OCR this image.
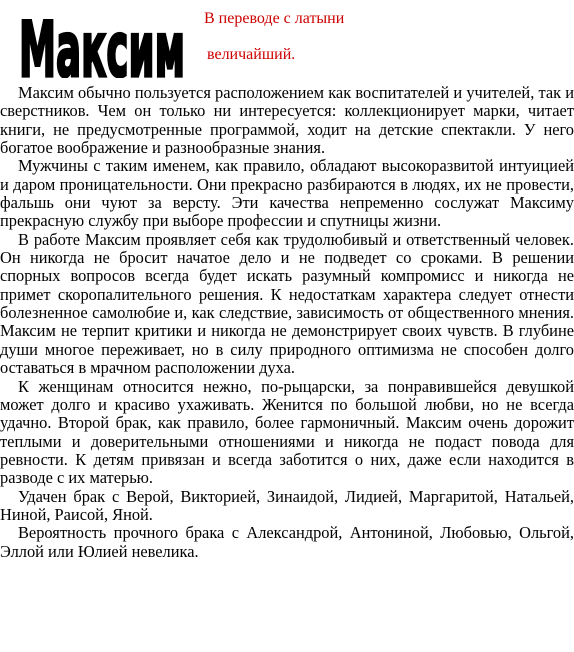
Максим В переводе с латыни
величайший.

Максим обычно пользуется расположением как воспитателей и учителей, так и сверстников. Чем он только ни интересуется: коллекционирует марки, читает книги, не предусмотренные программой, ходит на детские спектакли. У него богатое воображение и разнообразные знания.

Мужчины с таким именем, как правило, обладают высокоразвитой интуицией и даром проницательности. Они прекрасно разбираются в людях, их не провести, фальшь они чуют за версту. Эти качества непременно сослужат Максиму прекрасную службу при выборе профессии и спутницы жизни.

В работе Максим проявляет себя как трудолюбивый и ответственный человек. Он никогда не бросит начатое дело и не подведет со сроками. В решении спорных вопросов всегда будет искать разумный компромисс и никогда не примет скоропалительного решения. К недостаткам характера следует отнести болезненное самолюбие и, как следствие, зависимость от общественного мнения. Максим не терпит критики и никогда не демонстрирует своих чувств. В глубине души многое переживает, но в силу природного оптимизма не способен долго оставаться в мрачном расположении духа.

К женщинам относится нежно, по-рыцарски, за понравившейся девушкой может долго и красиво ухаживать. Женится по большой любви, но не всегда удачно. Второй брак, как правило, более гармоничный. Максим очень дорожит теплыми и доверительными отношениями и никогда не подаст повода для ревности. К детям привязан и всегда заботится о них, даже если находится в разводе с их матерью.

Удачен брак с Верой, Викторией, Зинаидой, Лидией, Маргаритой, Натальей, Ниной, Раисой, Яной.

Вероятность прочного брака с Александрой, Антониной, Любовью, Ольгой, Эллой или Юлией невелика.
